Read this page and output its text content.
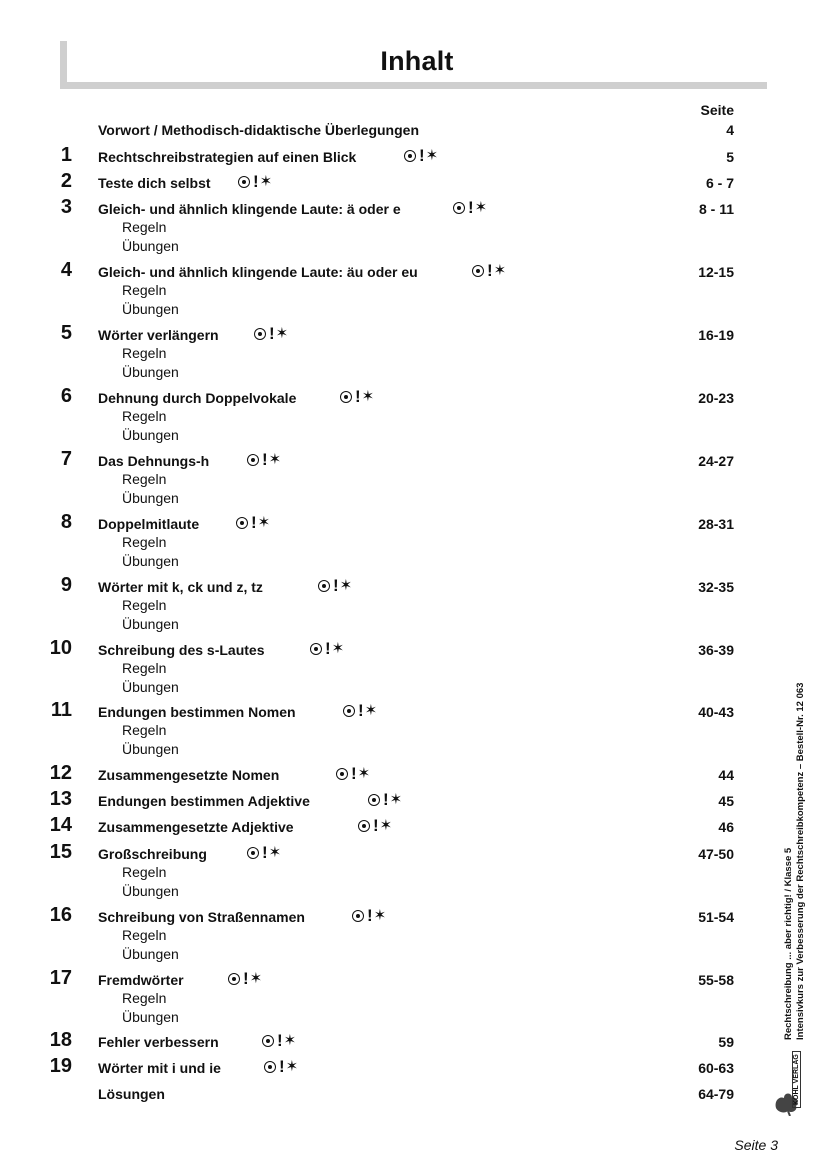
Inhalt
Seite
Vorwort / Methodisch-didaktische Überlegungen	4
1 Rechtschreibstrategien auf einen Blick	! ✶	5
2 Teste dich selbst ! ✶	6 - 7
3 Gleich- und ähnlich klingende Laute: ä oder e	! ✶	8 - 11
Regeln
Übungen
4 Gleich- und ähnlich klingende Laute: äu oder eu	! ✶	12-15
Regeln
Übungen
5 Wörter verlängern	! ✶	16-19
Regeln
Übungen
6 Dehnung durch Doppelvokale	! ✶	20-23
Regeln
Übungen
7 Das Dehnungs-h	! ✶	24-27
Regeln
Übungen
8 Doppelmitlaute	! ✶	28-31
Regeln
Übungen
9 Wörter mit k, ck und z, tz	! ✶	32-35
Regeln
Übungen
10 Schreibung des s-Lautes	! ✶	36-39
Regeln
Übungen
11 Endungen bestimmen Nomen	! ✶	40-43
Regeln
Übungen
12 Zusammengesetzte Nomen	! ✶	44
13 Endungen bestimmen Adjektive	! ✶	45
14 Zusammengesetzte Adjektive	! ✶	46
15 Großschreibung	! ✶	47-50
Regeln
Übungen
16 Schreibung von Straßennamen	! ✶	51-54
Regeln
Übungen
17 Fremdwörter	! ✶	55-58
Regeln
Übungen
18 Fehler verbessern	! ✶	59
19 Wörter mit i und ie	! ✶	60-63
Lösungen	64-79
Rechtschreibung ... aber richtig! / Klasse 5 Intensivkurs zur Verbesserung der Rechtschreibkompetenz – Bestell-Nr. 12 063
KOHL VERLAG
Seite 3
